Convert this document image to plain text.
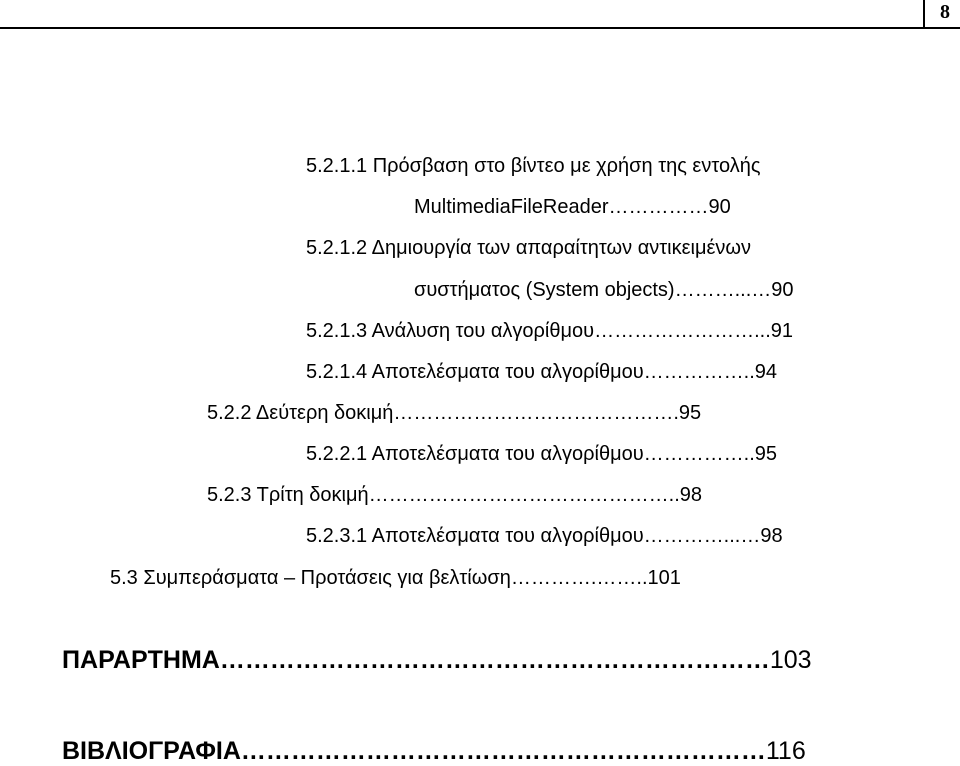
8
5.2.1.1 Πρόσβαση στο βίντεο με χρήση της εντολής
MultimediaFileReader……………90
5.2.1.2 Δημιουργία των απαραίτητων αντικειμένων
συστήματος (System objects)………...…90
5.2.1.3 Ανάλυση του αλγορίθμου……………………...91
5.2.1.4 Αποτελέσματα του αλγορίθμου……………..94
5.2.2 Δεύτερη δοκιμή…………………………………….95
5.2.2.1 Αποτελέσματα του αλγορίθμου……………..95
5.2.3 Τρίτη δοκιμή………………………………………..98
5.2.3.1 Αποτελέσματα του αλγορίθμου…………...…98
5.3 Συμπεράσματα – Προτάσεις για βελτίωση………….……..101
ΠΑΡΑΡΤΗΜΑ…………………………………………………………103
ΒΙΒΛΙΟΓΡΑΦΙΑ………………………………………………………116
